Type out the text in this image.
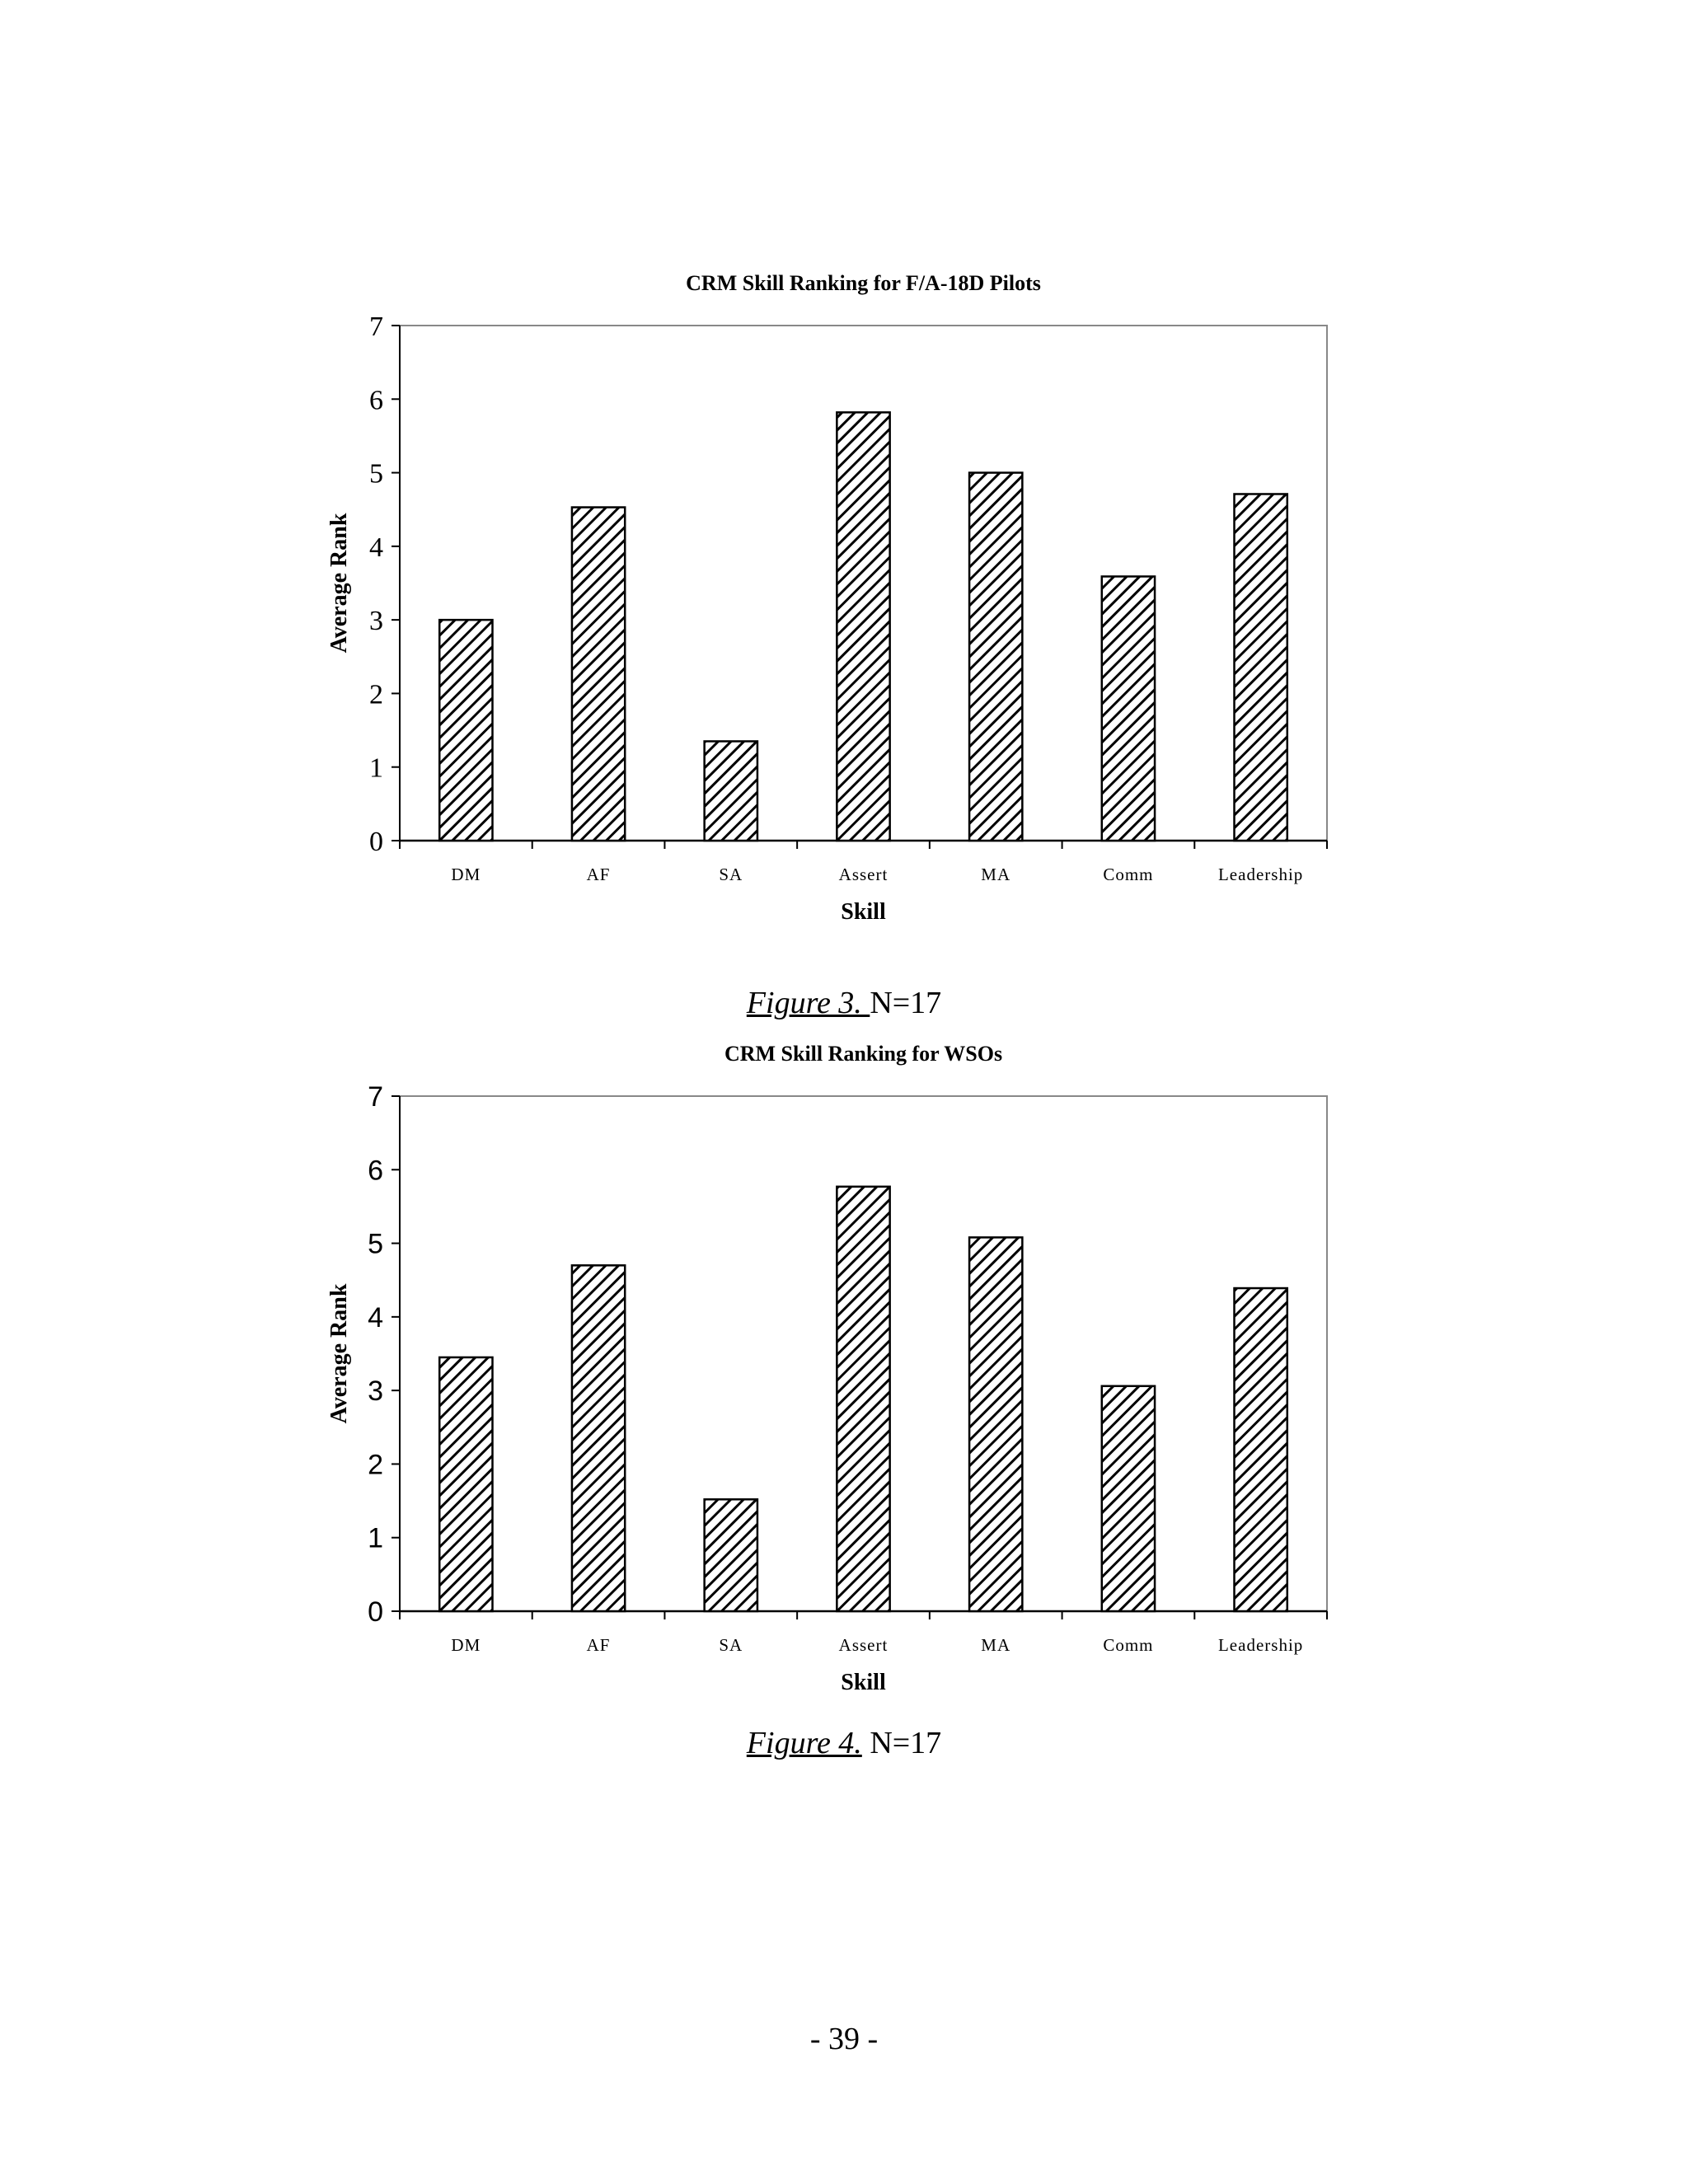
CRM Skill Ranking for F/A-18D Pilots
0
1
2
3
4
5
6
7
DM	AF	SA	Assert	MA	Comm	Leadership
Skill
Average Rank
Figure 3. N=17
CRM Skill Ranking for WSOs
0
1
2
3
4
5
6
7
DM	AF	SA	Assert	MA	Comm	Leadership
Skill
Average Rank
Figure 4. N=17
- 39 -
